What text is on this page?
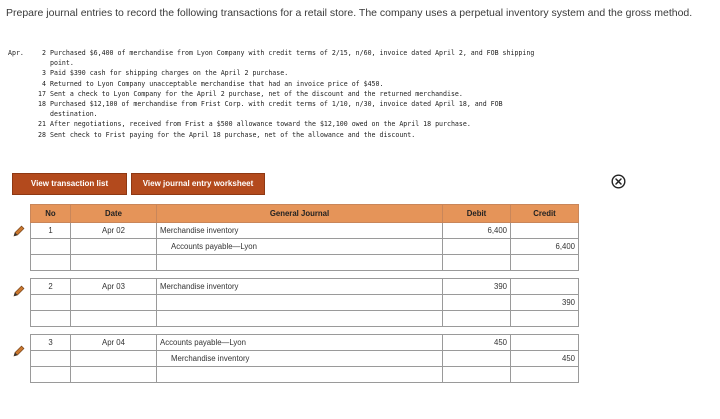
Prepare journal entries to record the following transactions for a retail store. The company uses a perpetual inventory system and the gross method.
Apr.	2 Purchased $6,400 of merchandise from Lyon Company with credit terms of 2/15, n/60, invoice dated April 2, and FOB shipping
point.
3 Paid $390 cash for shipping charges on the April 2 purchase.
4 Returned to Lyon Company unacceptable merchandise that had an invoice price of $450.
17 Sent a check to Lyon Company for the April 2 purchase, net of the discount and the returned merchandise.
18 Purchased $12,100 of merchandise from Frist Corp. with credit terms of 1/10, n/30, invoice dated April 18, and FOB
destination.
21 After negotiations, received from Frist a $500 allowance toward the $12,100 owed on the April 18 purchase.
28 Sent check to Frist paying for the April 18 purchase, net of the allowance and the discount.
View transaction list	View journal entry worksheet
No	Date	General Journal	Debit	Credit
1	Apr 02	Merchandise inventory	6,400	
		Accounts payable—Lyon		6,400

2	Apr 03	Merchandise inventory	390	
				390

3	Apr 04	Accounts payable—Lyon	450	
		Merchandise inventory		450
